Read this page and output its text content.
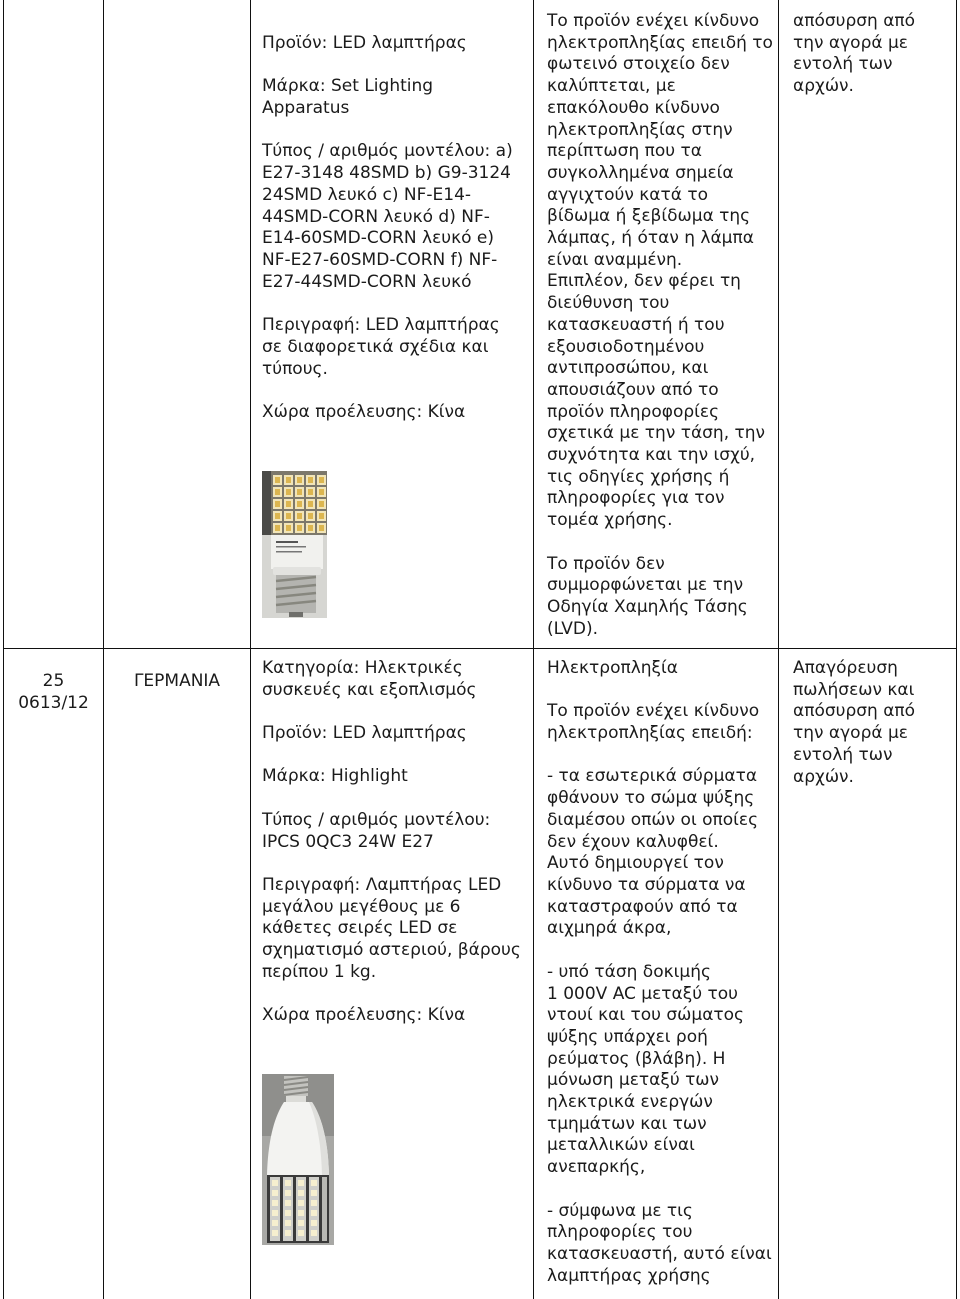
Προϊόν: LED λαμπτήρας
Μάρκα: Set Lighting
Apparatus
Τύπος / αριθμός μοντέλου: a)
E27-3148 48SMD b) G9-3124
24SMD λευκό c) NF-E14-
44SMD-CORN λευκό d) NF-
E14-60SMD-CORN λευκό e)
NF-E27-60SMD-CORN f) NF-
E27-44SMD-CORN λευκό
Περιγραφή: LED λαμπτήρας
σε διαφορετικά σχέδια και
τύπους.
Χώρα προέλευσης: Κίνα
Το προϊόν ενέχει κίνδυνο
ηλεκτροπληξίας επειδή το
φωτεινό στοιχείο δεν
καλύπτεται, με
επακόλουθο κίνδυνο
ηλεκτροπληξίας στην
περίπτωση που τα
συγκολλημένα σημεία
αγγιχτούν κατά το
βίδωμα ή ξεβίδωμα της
λάμπας, ή όταν η λάμπα
είναι αναμμένη.
Επιπλέον, δεν φέρει τη
διεύθυνση του
κατασκευαστή ή του
εξουσιοδοτημένου
αντιπροσώπου, και
απουσιάζουν από το
προϊόν πληροφορίες
σχετικά με την τάση, την
συχνότητα και την ισχύ,
τις οδηγίες χρήσης ή
πληροφορίες για τον
τομέα χρήσης.
Το προϊόν δεν
συμμορφώνεται με την
Οδηγία Χαμηλής Τάσης
(LVD).
απόσυρση από
την αγορά με
εντολή των
αρχών.
25
0613/12
ΓΕΡΜΑΝΙΑ
Κατηγορία: Ηλεκτρικές
συσκευές και εξοπλισμός
Προϊόν: LED λαμπτήρας
Μάρκα: Highlight
Τύπος / αριθμός μοντέλου:
IPCS 0QC3 24W E27
Περιγραφή: Λαμπτήρας LED
μεγάλου μεγέθους με 6
κάθετες σειρές LED σε
σχηματισμό αστεριού, βάρους
περίπου 1 kg.
Χώρα προέλευσης: Κίνα
Ηλεκτροπληξία
Το προϊόν ενέχει κίνδυνο
ηλεκτροπληξίας επειδή:
- τα εσωτερικά σύρματα
φθάνουν το σώμα ψύξης
διαμέσου οπών οι οποίες
δεν έχουν καλυφθεί.
Αυτό δημιουργεί τον
κίνδυνο τα σύρματα να
καταστραφούν από τα
αιχμηρά άκρα,
- υπό τάση δοκιμής
1 000V AC μεταξύ του
ντουί και του σώματος
ψύξης υπάρχει ροή
ρεύματος (βλάβη). Η
μόνωση μεταξύ των
ηλεκτρικά ενεργών
τμημάτων και των
μεταλλικών είναι
ανεπαρκής,
- σύμφωνα με τις
πληροφορίες του
κατασκευαστή, αυτό είναι
λαμπτήρας χρήσης
Απαγόρευση
πωλήσεων και
απόσυρση από
την αγορά με
εντολή των
αρχών.
